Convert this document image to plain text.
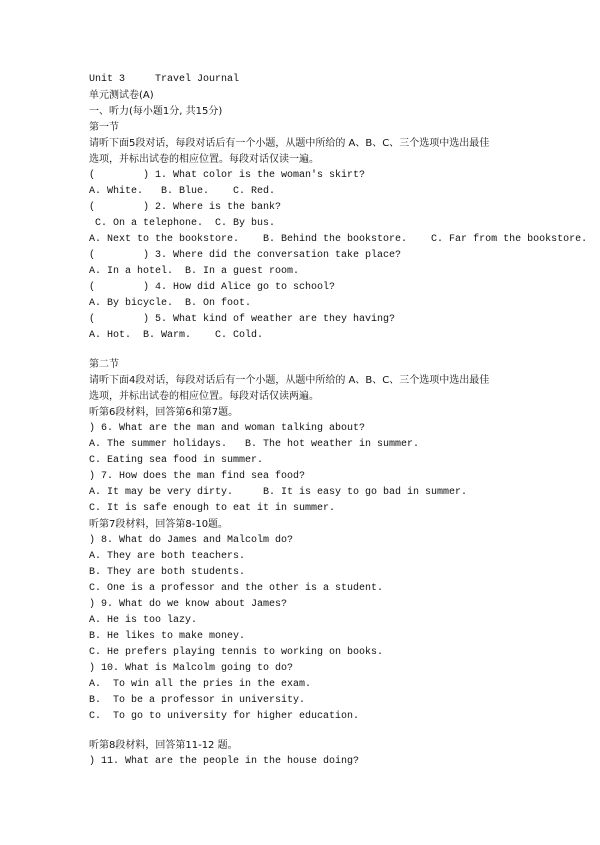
Unit 3     Travel Journal
单元测试卷(A)
一、听力(每小题1分, 共15分)
第一节
请听下面5段对话，每段对话后有一个小题，从题中所给的 A、B、C、三个选项中选出最佳
选项，并标出试卷的相应位置。每段对话仅读一遍。
(        ) 1. What color is the woman's skirt?
A. White.   B. Blue.    C. Red.
(        ) 2. Where is the bank?
C. On a telephone.  C. By bus.
A. Next to the bookstore.    B. Behind the bookstore.    C. Far from the bookstore.
(        ) 3. Where did the conversation take place?
A. In a hotel.  B. In a guest room.
(        ) 4. How did Alice go to school?
A. By bicycle.  B. On foot.
(        ) 5. What kind of weather are they having?
A. Hot.  B. Warm.    C. Cold.
第二节
请听下面4段对话，每段对话后有一个小题，从题中所给的 A、B、C、三个选项中选出最佳
选项，并标出试卷的相应位置。每段对话仅读两遍。
听第6段材料，回答第6和第7题。
) 6. What are the man and woman talking about?
A. The summer holidays.   B. The hot weather in summer.
C. Eating sea food in summer.
) 7. How does the man find sea food?
A. It may be very dirty.     B. It is easy to go bad in summer.
C. It is safe enough to eat it in summer.
听第7段材料，回答第8-10题。
) 8. What do James and Malcolm do?
A. They are both teachers.
B. They are both students.
C. One is a professor and the other is a student.
) 9. What do we know about James?
A. He is too lazy.
B. He likes to make money.
C. He prefers playing tennis to working on books.
) 10. What is Malcolm going to do?
A.  To win all the pries in the exam.
B.  To be a professor in university.
C.  To go to university for higher education.
听第8段材料，回答第11-12 题。
) 11. What are the people in the house doing?
